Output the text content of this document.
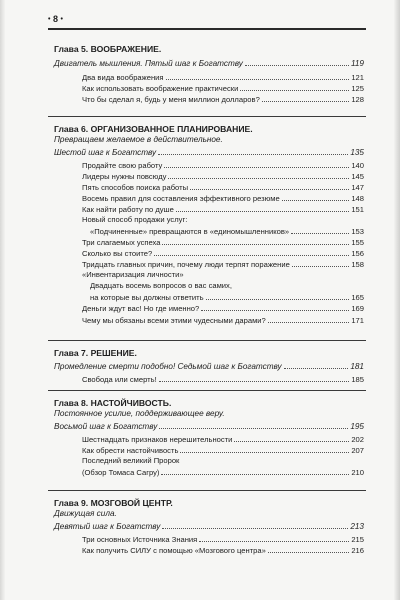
• 8 •
Глава 5. ВООБРАЖЕНИЕ.
Двигатель мышления. Пятый шаг к Богатству	119
Два вида воображения	121
Как использовать воображение практически	125
Что бы сделал я, будь у меня миллион долларов?	128
Глава 6. ОРГАНИЗОВАННОЕ ПЛАНИРОВАНИЕ.
Превращаем желаемое в действительное.
Шестой шаг к Богатству	135
Продайте свою работу	140
Лидеры нужны повсюду	145
Пять способов поиска работы	147
Восемь правил для составления эффективного резюме	148
Как найти работу по душе	151
Новый способ продажи услуг:
«Подчиненные» превращаются в «единомышленников»	153
Три слагаемых успеха	155
Сколько вы стоите?	156
Тридцать главных причин, почему люди терпят поражение	158
«Инвентаризация личности»
Двадцать восемь вопросов о вас самих,
на которые вы должны ответить	165
Деньги ждут вас! Но где именно?	169
Чему мы обязаны всеми этими чудесными дарами?	171
Глава 7. РЕШЕНИЕ.
Промедление смерти подобно! Седьмой шаг к Богатству	181
Свобода или смерть!	185
Глава 8. НАСТОЙЧИВОСТЬ.
Постоянное усилие, поддерживающее веру.
Восьмой шаг к Богатству	195
Шестнадцать признаков нерешительности	202
Как обрести настойчивость	207
Последний великий Пророк
(Обзор Томаса Сагру)	210
Глава 9. МОЗГОВОЙ ЦЕНТР.
Движущая сила.
Девятый шаг к Богатству	213
Три основных Источника Знания	215
Как получить СИЛУ с помощью «Мозгового центра»	216
